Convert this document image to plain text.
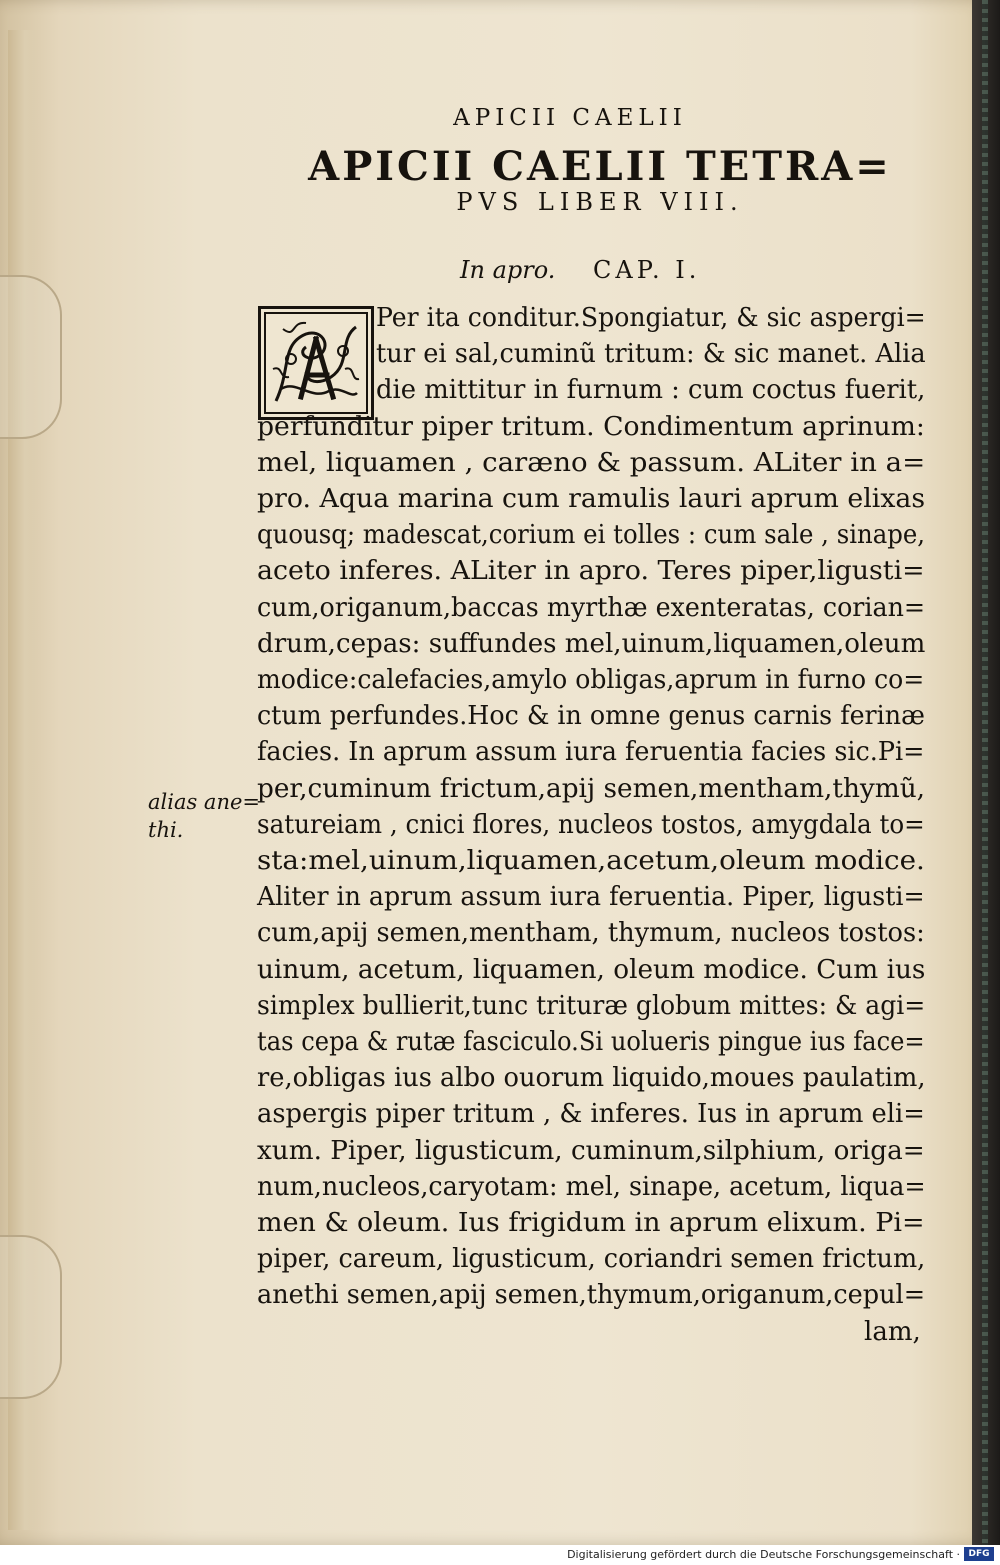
APICII CAELII
APICII CAELII TETRA=
PVS LIBER VIII.
In apro. CAP. I.
Per ita conditur.Spongiatur, & sic aspergi=
tur ei sal,cuminũ tritum: & sic manet. Alia
die mittitur in furnum : cum coctus fuerit,
perfunditur piper tritum. Condimentum aprinum:
mel, liquamen , caræno & passum. ALiter in a=
pro. Aqua marina cum ramulis lauri aprum elixas
quousq; madescat,corium ei tolles : cum sale , sinape,
aceto inferes. ALiter in apro. Teres piper,ligusti=
cum,origanum,baccas myrthæ exenteratas, corian=
drum,cepas: suffundes mel,uinum,liquamen,oleum
modice:calefacies,amylo obligas,aprum in furno co=
ctum perfundes.Hoc & in omne genus carnis ferinæ
facies. In aprum assum iura feruentia facies sic.Pi=
per,cuminum frictum,apij semen,mentham,thymũ,
satureiam , cnici flores, nucleos tostos, amygdala to=
sta:mel,uinum,liquamen,acetum,oleum modice.
Aliter in aprum assum iura feruentia. Piper, ligusti=
cum,apij semen,mentham, thymum, nucleos tostos:
uinum, acetum, liquamen, oleum modice. Cum ius
simplex bullierit,tunc trituræ globum mittes: & agi=
tas cepa & rutæ fasciculo.Si uolueris pingue ius face=
re,obligas ius albo ouorum liquido,moues paulatim,
aspergis piper tritum , & inferes. Ius in aprum eli=
xum. Piper, ligusticum, cuminum,silphium, origa=
num,nucleos,caryotam: mel, sinape, acetum, liqua=
men & oleum. Ius frigidum in aprum elixum. Pi=
piper, careum, ligusticum, coriandri semen frictum,
anethi semen,apij semen,thymum,origanum,cepul=
lam,
alias ane=
thi.
Digitalisierung gefördert durch die Deutsche Forschungsgemeinschaft · DFG
